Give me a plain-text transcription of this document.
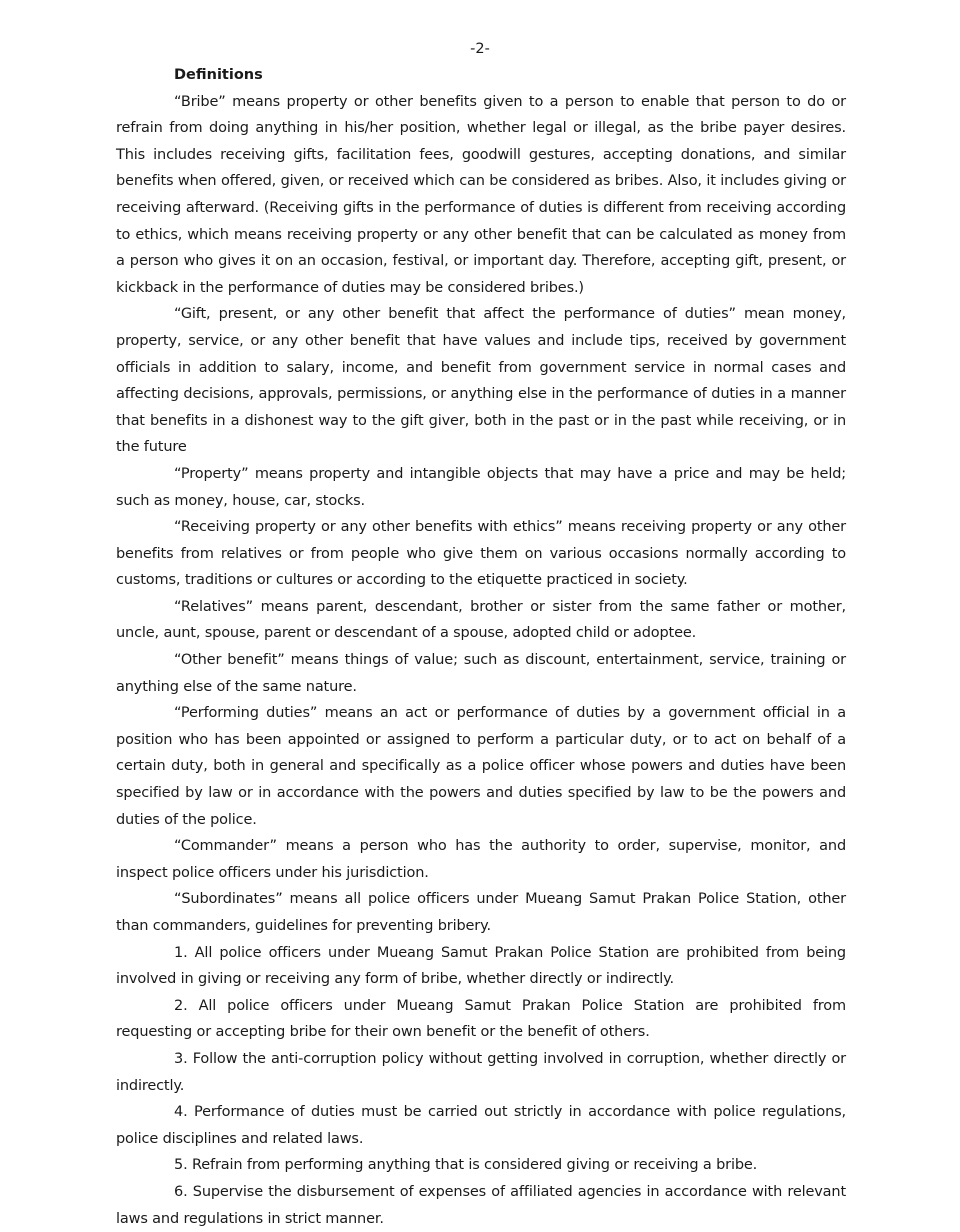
-2-

Definitions

“Bribe” means property or other benefits given to a person to enable that person to do or refrain from doing anything in his/her position, whether legal or illegal, as the bribe payer desires. This includes receiving gifts, facilitation fees, goodwill gestures, accepting donations, and similar benefits when offered, given, or received which can be considered as bribes. Also, it includes giving or receiving afterward. (Receiving gifts in the performance of duties is different from receiving according to ethics, which means receiving property or any other benefit that can be calculated as money from a person who gives it on an occasion, festival, or important day. Therefore, accepting gift, present, or kickback in the performance of duties may be considered bribes.)

“Gift, present, or any other benefit that affect the performance of duties” mean money, property, service, or any other benefit that have values and include tips, received by government officials in addition to salary, income, and benefit from government service in normal cases and affecting decisions, approvals, permissions, or anything else in the performance of duties in a manner that benefits in a dishonest way to the gift giver, both in the past or in the past while receiving, or in the future

“Property” means property and intangible objects that may have a price and may be held; such as money, house, car, stocks.

“Receiving property or any other benefits with ethics” means receiving property or any other benefits from relatives or from people who give them on various occasions normally according to customs, traditions or cultures or according to the etiquette practiced in society.

“Relatives” means parent, descendant, brother or sister from the same father or mother, uncle, aunt, spouse, parent or descendant of a spouse, adopted child or adoptee.

“Other benefit” means things of value; such as discount, entertainment, service, training or anything else of the same nature.

“Performing duties” means an act or performance of duties by a government official in a position who has been appointed or assigned to perform a particular duty, or to act on behalf of a certain duty, both in general and specifically as a police officer whose powers and duties have been specified by law or in accordance with the powers and duties specified by law to be the powers and duties of the police.

“Commander” means a person who has the authority to order, supervise, monitor, and inspect police officers under his jurisdiction.

“Subordinates” means all police officers under Mueang Samut Prakan Police Station, other than commanders, guidelines for preventing bribery.

1. All police officers under Mueang Samut Prakan Police Station are prohibited from being involved in giving or receiving any form of bribe, whether directly or indirectly.

2. All police officers under Mueang Samut Prakan Police Station are prohibited from requesting or accepting bribe for their own benefit or the benefit of others.

3. Follow the anti-corruption policy without getting involved in corruption, whether directly or indirectly.

4. Performance of duties must be carried out strictly in accordance with police regulations, police disciplines and related laws.

5. Refrain from performing anything that is considered giving or receiving a bribe.

6. Supervise the disbursement of expenses of affiliated agencies in accordance with relevant laws and regulations in strict manner.
